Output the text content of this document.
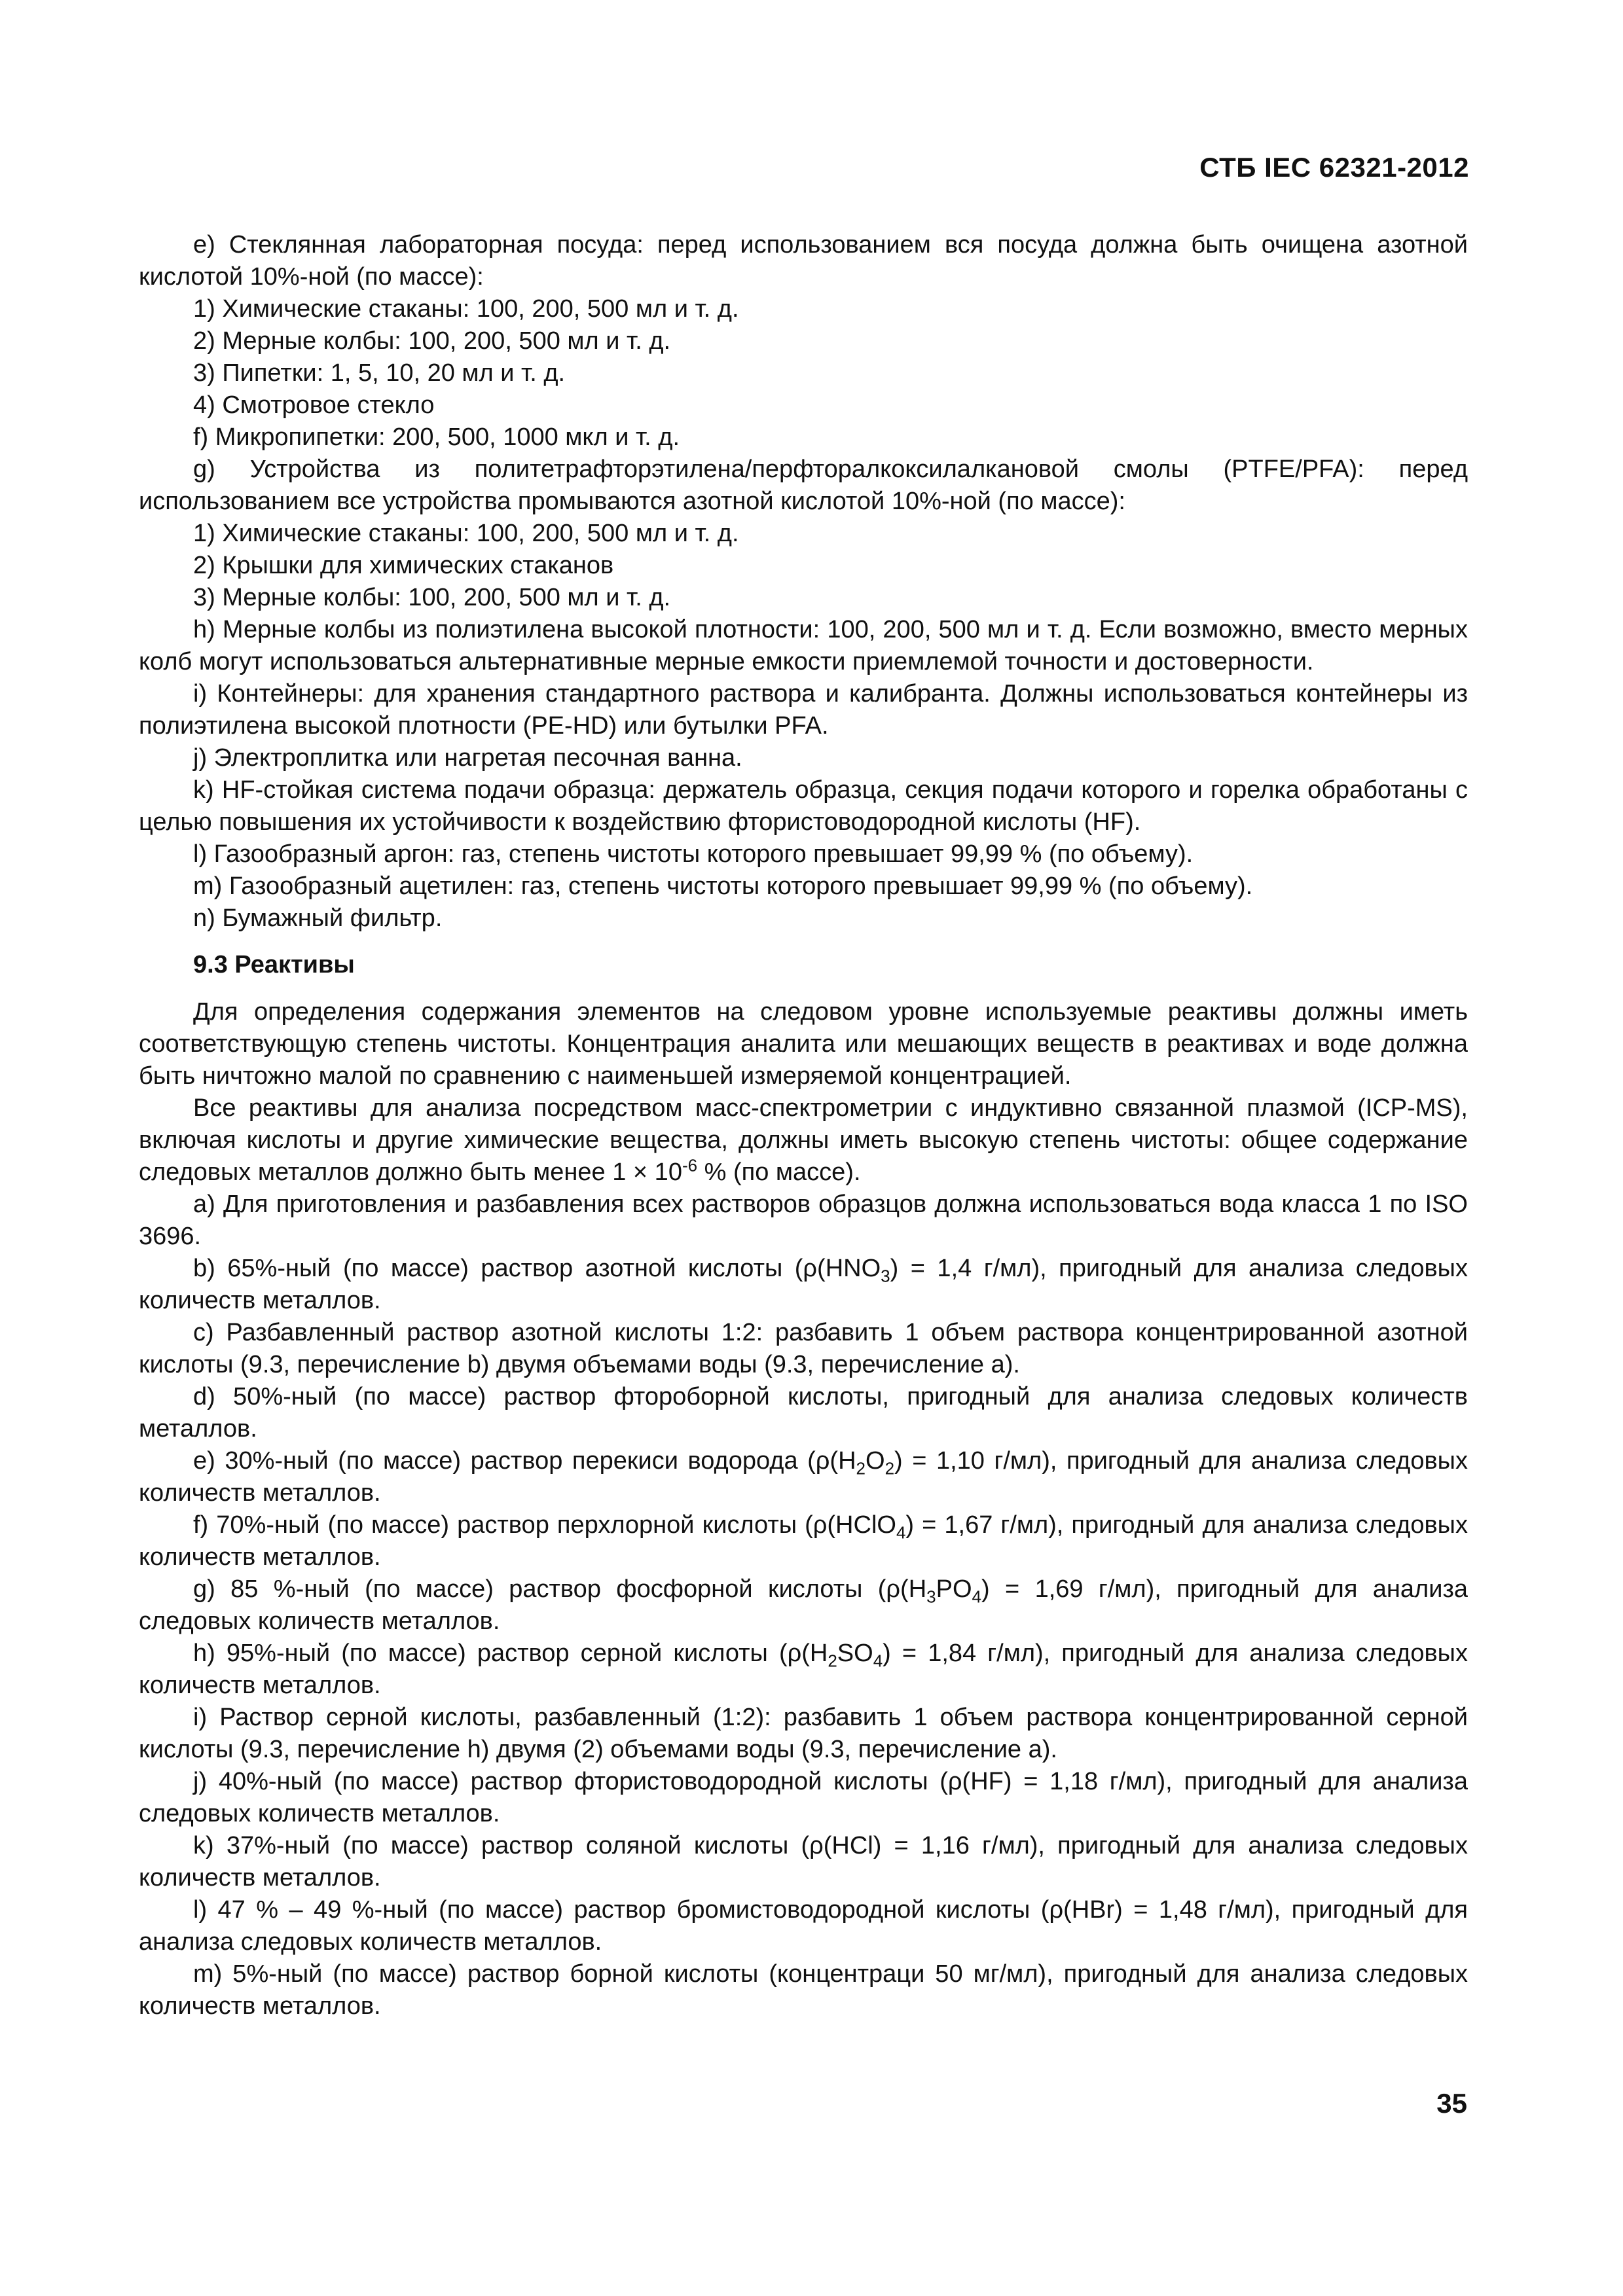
СТБ IEC 62321-2012

e) Стеклянная лабораторная посуда: перед использованием вся посуда должна быть очищена азотной кислотой 10%-ной (по массе):

1) Химические стаканы: 100, 200, 500 мл и т. д.

2) Мерные колбы: 100, 200, 500 мл и т. д.

3) Пипетки: 1, 5, 10, 20 мл и т. д.

4) Смотровое стекло

f) Микропипетки: 200, 500, 1000 мкл и т. д.

g) Устройства из политетрафторэтилена/перфторалкоксилалкановой смолы (PTFE/PFA): перед использованием все устройства промываются азотной кислотой 10%-ной (по массе):

1) Химические стаканы: 100, 200, 500 мл и т. д.

2) Крышки для химических стаканов

3) Мерные колбы: 100, 200, 500 мл и т. д.

h) Мерные колбы из полиэтилена высокой плотности: 100, 200, 500 мл и т. д. Если возможно, вместо мерных колб могут использоваться альтернативные мерные емкости приемлемой точности и достоверности.

i) Контейнеры: для хранения стандартного раствора и калибранта. Должны использоваться контейнеры из полиэтилена высокой плотности (PE-HD) или бутылки PFA.

j) Электроплитка или нагретая песочная ванна.

k) HF-стойкая система подачи образца: держатель образца, секция подачи которого и горелка обработаны с целью повышения их устойчивости к воздействию фтористоводородной кислоты (HF).

l) Газообразный аргон: газ, степень чистоты которого превышает 99,99 % (по объему).

m) Газообразный ацетилен: газ, степень чистоты которого превышает 99,99 % (по объему).

n) Бумажный фильтр.

9.3 Реактивы

Для определения содержания элементов на следовом уровне используемые реактивы должны иметь соответствующую степень чистоты. Концентрация аналита или мешающих веществ в реактивах и воде должна быть ничтожно малой по сравнению с наименьшей измеряемой концентрацией.

Все реактивы для анализа посредством масс-спектрометрии с индуктивно связанной плазмой (ICP-MS), включая кислоты и другие химические вещества, должны иметь высокую степень чистоты: общее содержание следовых металлов должно быть менее $1 \times 10^{-6}$ % (по массе).

a) Для приготовления и разбавления всех растворов образцов должна использоваться вода класса 1 по ISO 3696.

b) 65%-ный (по массе) раствор азотной кислоты ($\rho(HNO_3) = 1,4$ г/мл), пригодный для анализа следовых количеств металлов.

c) Разбавленный раствор азотной кислоты 1:2: разбавить 1 объем раствора концентрированной азотной кислоты (9.3, перечисление b) двумя объемами воды (9.3, перечисление a).

d) 50%-ный (по массе) раствор фтороборной кислоты, пригодный для анализа следовых количеств металлов.

e) 30%-ный (по массе) раствор перекиси водорода ($\rho(H_2O_2) = 1,10$ г/мл), пригодный для анализа следовых количеств металлов.

f) 70%-ный (по массе) раствор перхлорной кислоты (ρ(HClO$_4$) = 1,67 г/мл), пригодный для анализа следовых количеств металлов.

g) 85 %-ный (по массе) раствор фосфорной кислоты ($\rho(H_3PO_4) = 1,69$ г/мл), пригодный для анализа следовых количеств металлов.

h) 95%-ный (по массе) раствор серной кислоты ($\rho(H_2SO_4) = 1,84$ г/мл), пригодный для анализа следовых количеств металлов.

i) Раствор серной кислоты, разбавленный (1:2): разбавить 1 объем раствора концентрированной серной кислоты (9.3, перечисление h) двумя (2) объемами воды (9.3, перечисление a).

j) 40%-ный (по массе) раствор фтористоводородной кислоты (ρ(HF) = 1,18 г/мл), пригодный для анализа следовых количеств металлов.

k) 37%-ный (по массе) раствор соляной кислоты (ρ(HCl) = 1,16 г/мл), пригодный для анализа следовых количеств металлов.

l) 47 % – 49 %-ный (по массе) раствор бромистоводородной кислоты (ρ(HBr) = 1,48 г/мл), пригодный для анализа следовых количеств металлов.

m) 5%-ный (по массе) раствор борной кислоты (концентраци 50 мг/мл), пригодный для анализа следовых количеств металлов.

35
